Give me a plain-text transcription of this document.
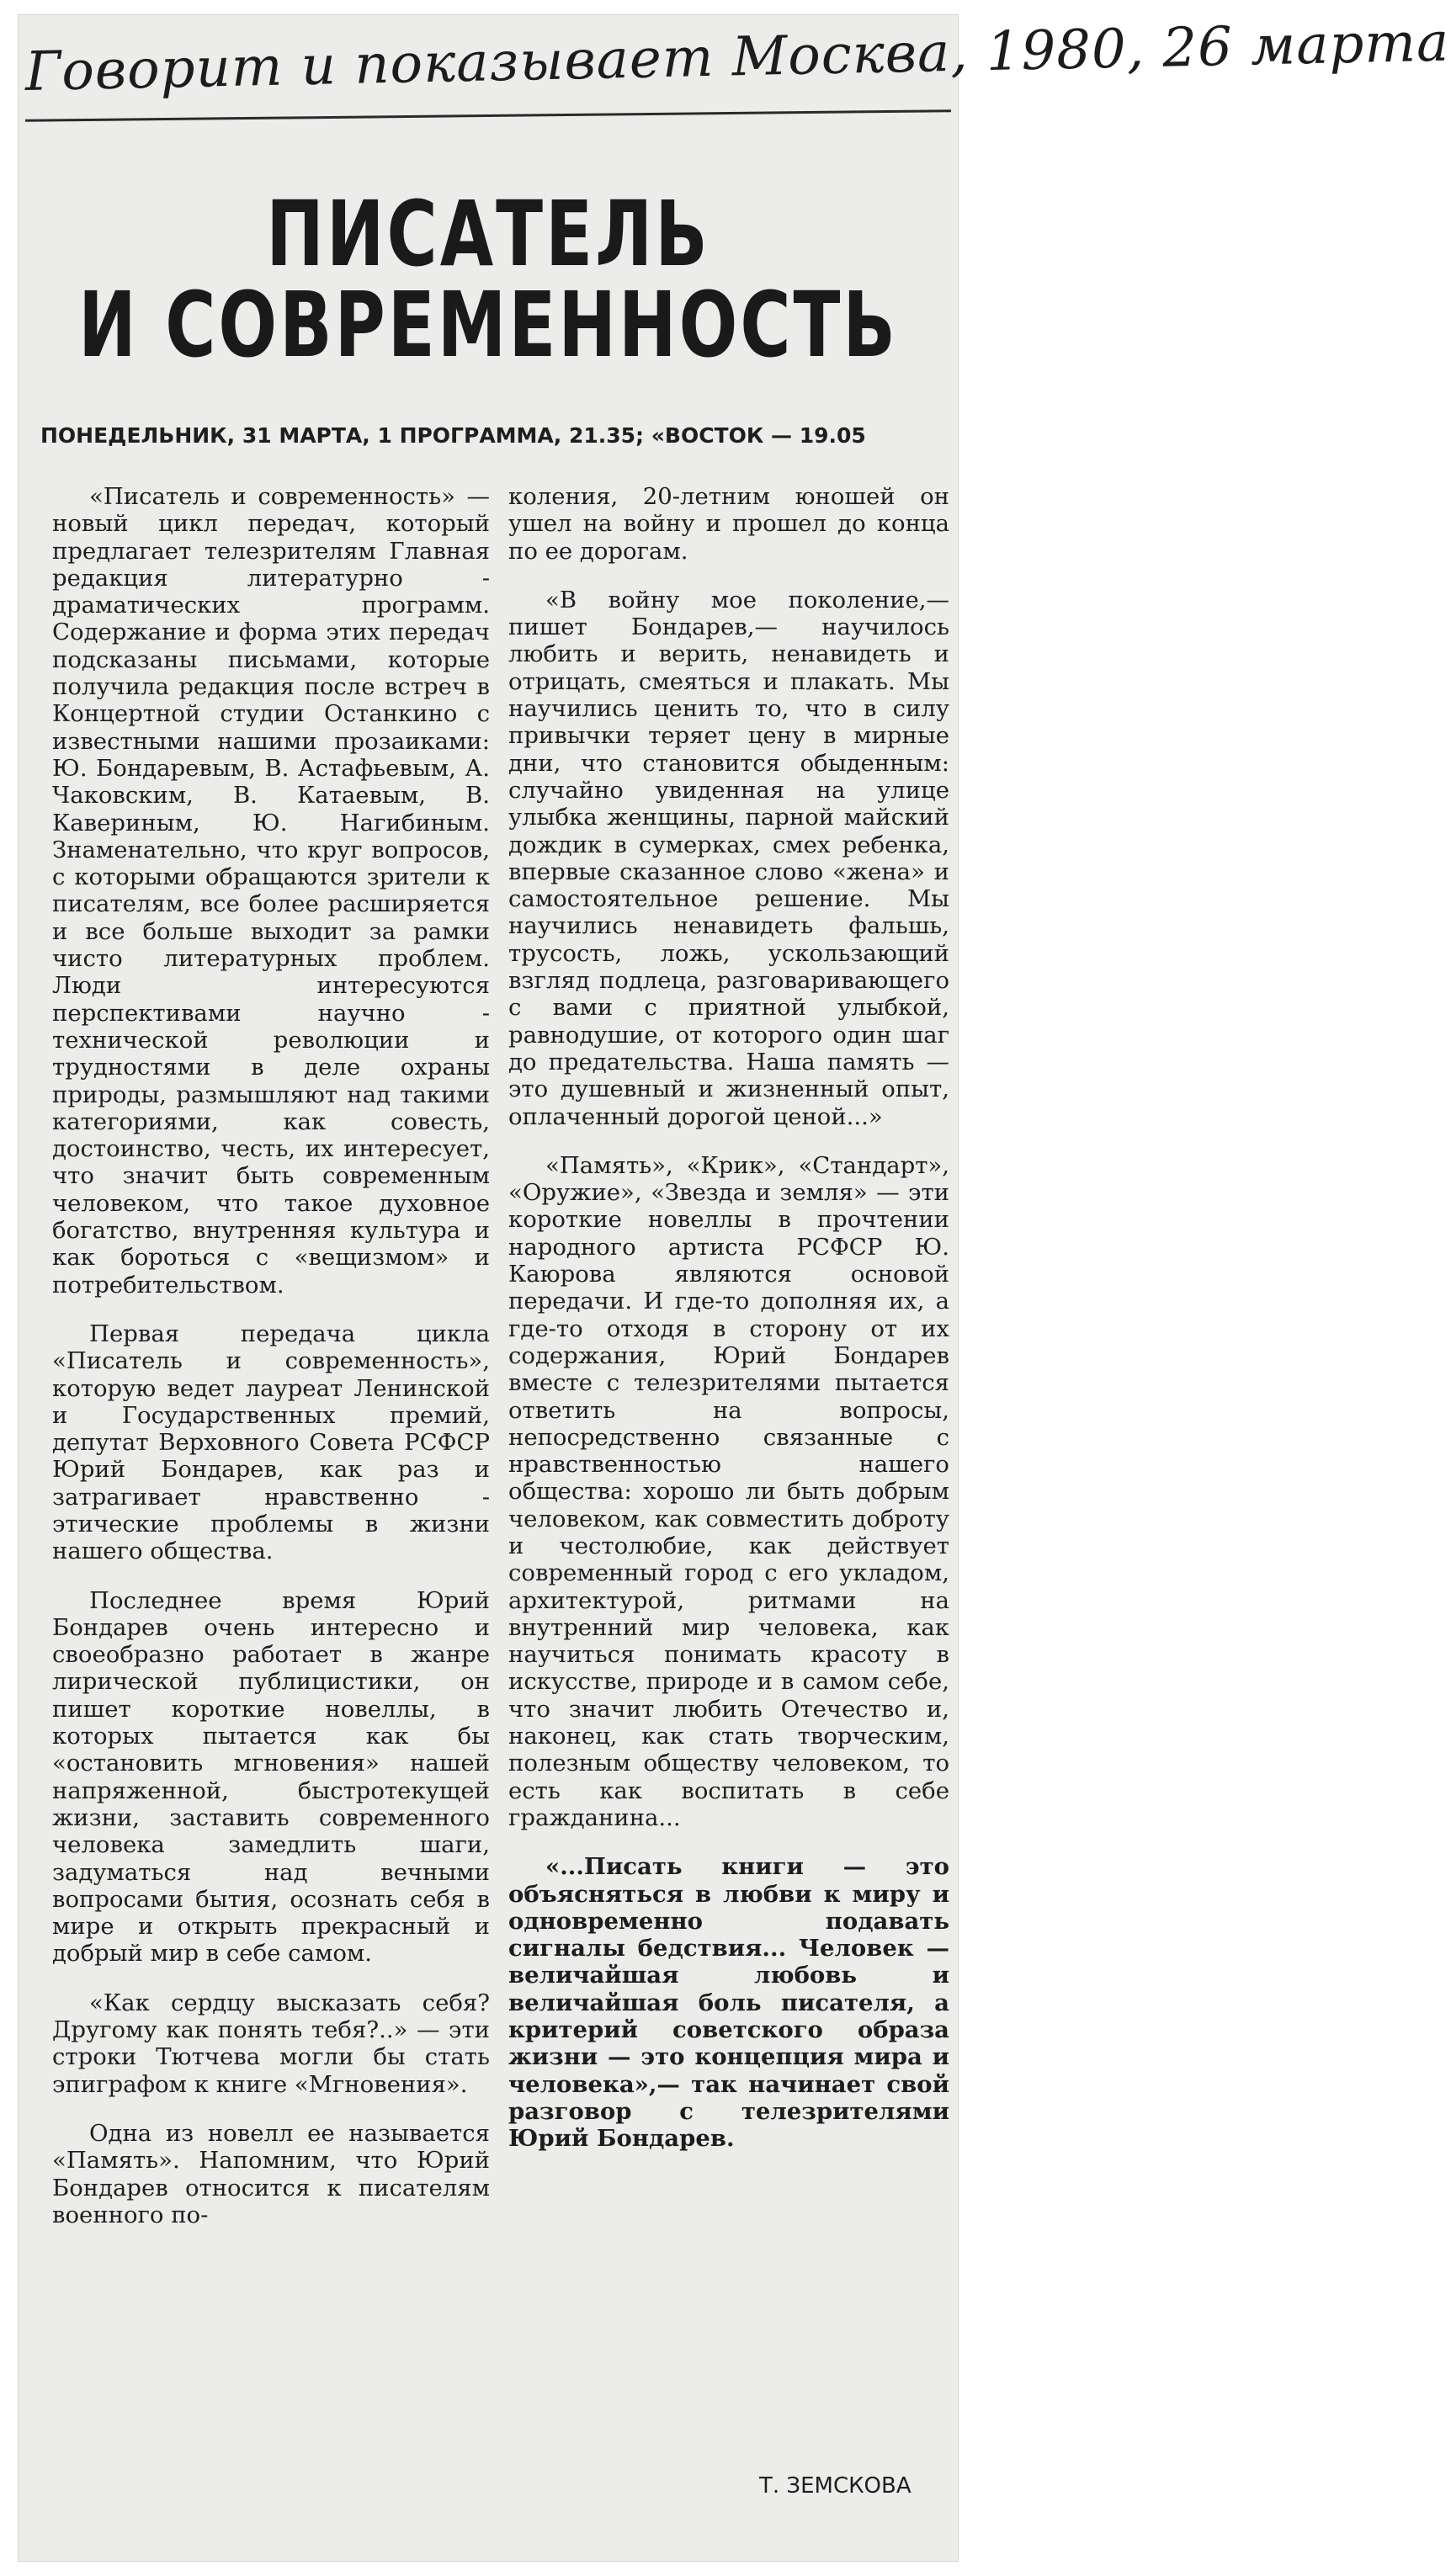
Говорит и показывает Москва, 1980, 26 марта

ПИСАТЕЛЬ
И СОВРЕМЕННОСТЬ

ПОНЕДЕЛЬНИК, 31 МАРТА, 1 ПРОГРАММА, 21.35; «ВОСТОК — 19.05

«Писатель и современность» — новый цикл передач, который предлагает телезрителям Главная редакция литературно - драматических программ. Содержание и форма этих передач подсказаны письмами, которые получила редакция после встреч в Концертной студии Останкино с известными нашими прозаиками: Ю. Бондаревым, В. Астафьевым, А. Чаковским, В. Катаевым, В. Кавериным, Ю. Нагибиным. Знаменательно, что круг вопросов, с которыми обращаются зрители к писателям, все более расширяется и все больше выходит за рамки чисто литературных проблем. Люди интересуются перспективами научно - технической революции и трудностями в деле охраны природы, размышляют над такими категориями, как совесть, достоинство, честь, их интересует, что значит быть современным человеком, что такое духовное богатство, внутренняя культура и как бороться с «вещизмом» и потребительством.

Первая передача цикла «Писатель и современность», которую ведет лауреат Ленинской и Государственных премий, депутат Верховного Совета РСФСР Юрий Бондарев, как раз и затрагивает нравственно - этические проблемы в жизни нашего общества.

Последнее время Юрий Бондарев очень интересно и своеобразно работает в жанре лирической публицистики, он пишет короткие новеллы, в которых пытается как бы «остановить мгновения» нашей напряженной, быстротекущей жизни, заставить современного человека замедлить шаги, задуматься над вечными вопросами бытия, осознать себя в мире и открыть прекрасный и добрый мир в себе самом.

«Как сердцу высказать себя? Другому как понять тебя?..» — эти строки Тютчева могли бы стать эпиграфом к книге «Мгновения».

Одна из новелл ее называется «Память». Напомним, что Юрий Бондарев относится к писателям военного по-

коления, 20-летним юношей он ушел на войну и прошел до конца по ее дорогам.

«В войну мое поколение,— пишет Бондарев,— научилось любить и верить, ненавидеть и отрицать, смеяться и плакать. Мы научились ценить то, что в силу привычки теряет цену в мирные дни, что становится обыденным: случайно увиденная на улице улыбка женщины, парной майский дождик в сумерках, смех ребенка, впервые сказанное слово «жена» и самостоятельное решение. Мы научились ненавидеть фальшь, трусость, ложь, ускользающий взгляд подлеца, разговаривающего с вами с приятной улыбкой, равнодушие, от которого один шаг до предательства. Наша память — это душевный и жизненный опыт, оплаченный дорогой ценой...»

«Память», «Крик», «Стандарт», «Оружие», «Звезда и земля» — эти короткие новеллы в прочтении народного артиста РСФСР Ю. Каюрова являются основой передачи. И где-то дополняя их, а где-то отходя в сторону от их содержания, Юрий Бондарев вместе с телезрителями пытается ответить на вопросы, непосредственно связанные с нравственностью нашего общества: хорошо ли быть добрым человеком, как совместить доброту и честолюбие, как действует современный город с его укладом, архитектурой, ритмами на внутренний мир человека, как научиться понимать красоту в искусстве, природе и в самом себе, что значит любить Отечество и, наконец, как стать творческим, полезным обществу человеком, то есть как воспитать в себе гражданина...

«...Писать книги — это объясняться в любви к миру и одновременно подавать сигналы бедствия... Человек — величайшая любовь и величайшая боль писателя, а критерий советского образа жизни — это концепция мира и человека»,— так начинает свой разговор с телезрителями Юрий Бондарев.

Т. ЗЕМСКОВА
